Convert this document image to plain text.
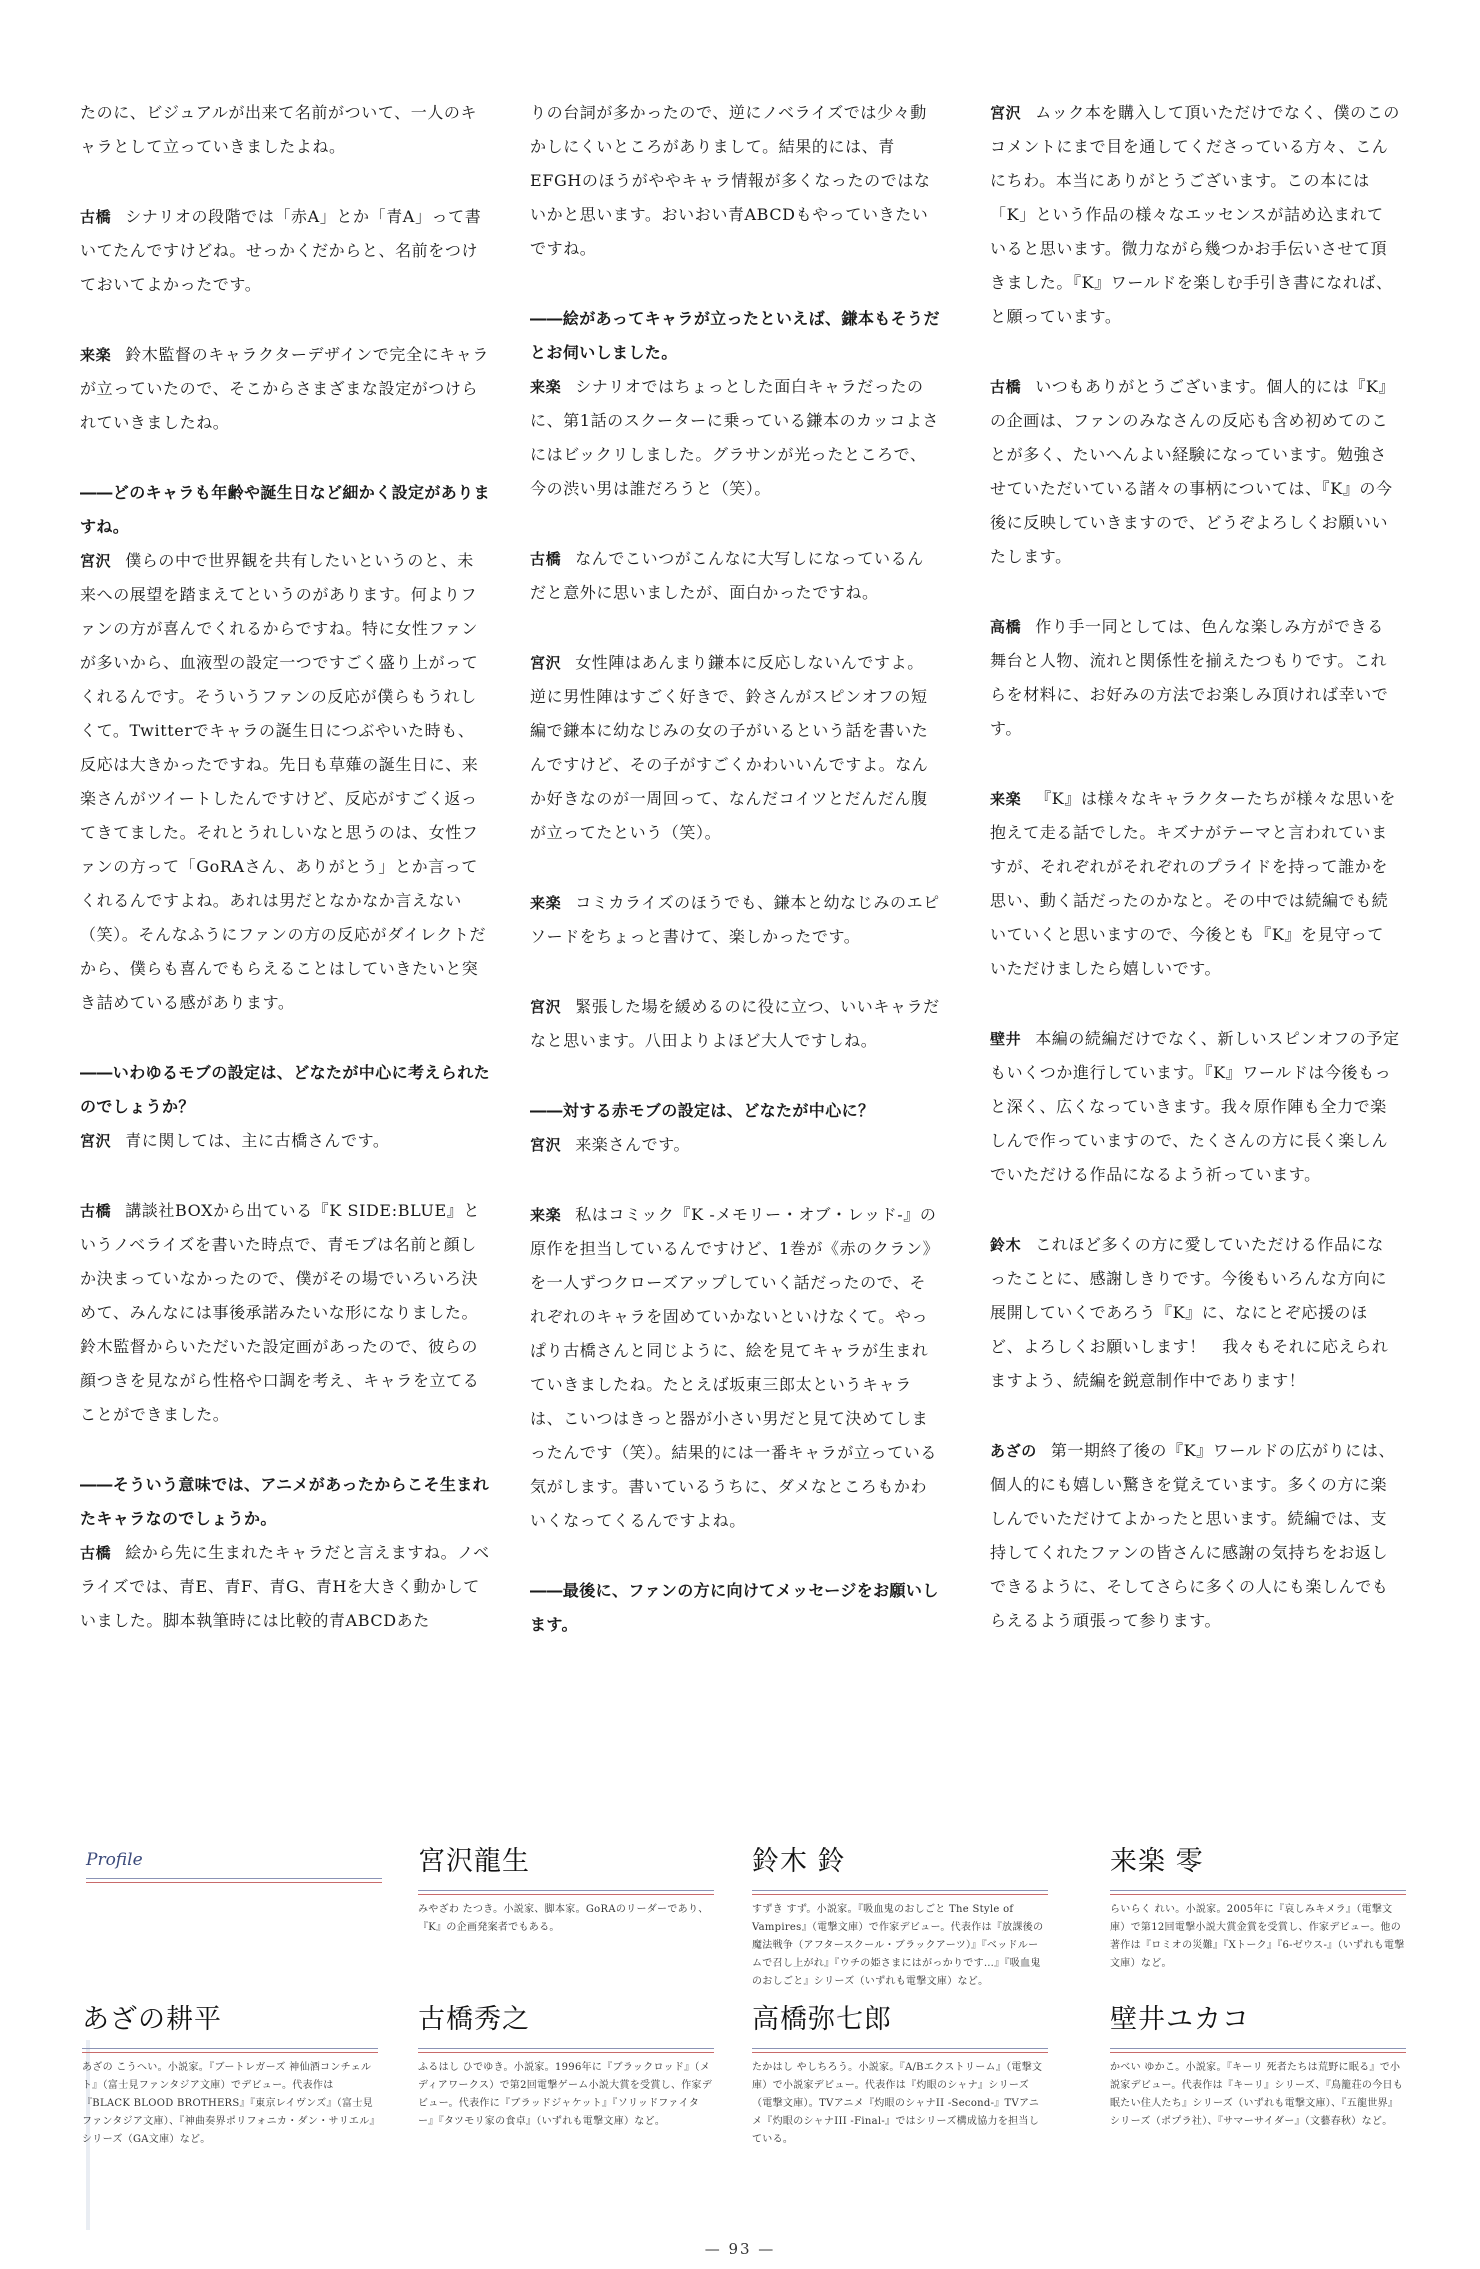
たのに、ビジュアルが出来て名前がついて、一人のキャラとして立っていきましたよね。

古橋 シナリオの段階では「赤A」とか「青A」って書いてたんですけどね。せっかくだからと、名前をつけておいてよかったです。

来楽 鈴木監督のキャラクターデザインで完全にキャラが立っていたので、そこからさまざまな設定がつけられていきましたね。

――どのキャラも年齢や誕生日など細かく設定がありますね。

宮沢 僕らの中で世界観を共有したいというのと、未来への展望を踏まえてというのがあります。何よりファンの方が喜んでくれるからですね。特に女性ファンが多いから、血液型の設定一つですごく盛り上がってくれるんです。そういうファンの反応が僕らもうれしくて。Twitterでキャラの誕生日につぶやいた時も、反応は大きかったですね。先日も草薙の誕生日に、来楽さんがツイートしたんですけど、反応がすごく返ってきてました。それとうれしいなと思うのは、女性ファンの方って「GoRAさん、ありがとう」とか言ってくれるんですよね。あれは男だとなかなか言えない（笑）。そんなふうにファンの方の反応がダイレクトだから、僕らも喜んでもらえることはしていきたいと突き詰めている感があります。

――いわゆるモブの設定は、どなたが中心に考えられたのでしょうか？

宮沢 青に関しては、主に古橋さんです。

古橋 講談社BOXから出ている『K SIDE:BLUE』というノベライズを書いた時点で、青モブは名前と顔しか決まっていなかったので、僕がその場でいろいろ決めて、みんなには事後承諾みたいな形になりました。鈴木監督からいただいた設定画があったので、彼らの顔つきを見ながら性格や口調を考え、キャラを立てることができました。

――そういう意味では、アニメがあったからこそ生まれたキャラなのでしょうか。

古橋 絵から先に生まれたキャラだと言えますね。ノベライズでは、青E、青F、青G、青Hを大きく動かしていました。脚本執筆時には比較的青ABCDあた

りの台詞が多かったので、逆にノベライズでは少々動かしにくいところがありまして。結果的には、青EFGHのほうがややキャラ情報が多くなったのではないかと思います。おいおい青ABCDもやっていきたいですね。

――絵があってキャラが立ったといえば、鎌本もそうだとお伺いしました。

来楽 シナリオではちょっとした面白キャラだったのに、第1話のスクーターに乗っている鎌本のカッコよさにはビックリしました。グラサンが光ったところで、今の渋い男は誰だろうと（笑）。

古橋 なんでこいつがこんなに大写しになっているんだと意外に思いましたが、面白かったですね。

宮沢 女性陣はあんまり鎌本に反応しないんですよ。逆に男性陣はすごく好きで、鈴さんがスピンオフの短編で鎌本に幼なじみの女の子がいるという話を書いたんですけど、その子がすごくかわいいんですよ。なんか好きなのが一周回って、なんだコイツとだんだん腹が立ってたという（笑）。

来楽 コミカライズのほうでも、鎌本と幼なじみのエピソードをちょっと書けて、楽しかったです。

宮沢 緊張した場を緩めるのに役に立つ、いいキャラだなと思います。八田よりよほど大人ですしね。

――対する赤モブの設定は、どなたが中心に？

宮沢 来楽さんです。

来楽 私はコミック『K -メモリー・オブ・レッド-』の原作を担当しているんですけど、1巻が《赤のクラン》を一人ずつクローズアップしていく話だったので、それぞれのキャラを固めていかないといけなくて。やっぱり古橋さんと同じように、絵を見てキャラが生まれていきましたね。たとえば坂東三郎太というキャラは、こいつはきっと器が小さい男だと見て決めてしまったんです（笑）。結果的には一番キャラが立っている気がします。書いているうちに、ダメなところもかわいくなってくるんですよね。

――最後に、ファンの方に向けてメッセージをお願いします。

宮沢 ムック本を購入して頂いただけでなく、僕のこのコメントにまで目を通してくださっている方々、こんにちわ。本当にありがとうございます。この本には「K」という作品の様々なエッセンスが詰め込まれていると思います。微力ながら幾つかお手伝いさせて頂きました。『K』ワールドを楽しむ手引き書になれば、と願っています。

古橋 いつもありがとうございます。個人的には『K』の企画は、ファンのみなさんの反応も含め初めてのことが多く、たいへんよい経験になっています。勉強させていただいている諸々の事柄については、『K』の今後に反映していきますので、どうぞよろしくお願いいたします。

高橋 作り手一同としては、色んな楽しみ方ができる舞台と人物、流れと関係性を揃えたつもりです。これらを材料に、お好みの方法でお楽しみ頂ければ幸いです。

来楽 『K』は様々なキャラクターたちが様々な思いを抱えて走る話でした。キズナがテーマと言われていますが、それぞれがそれぞれのプライドを持って誰かを思い、動く話だったのかなと。その中では続編でも続いていくと思いますので、今後とも『K』を見守っていただけましたら嬉しいです。

壁井 本編の続編だけでなく、新しいスピンオフの予定もいくつか進行しています。『K』ワールドは今後もっと深く、広くなっていきます。我々原作陣も全力で楽しんで作っていますので、たくさんの方に長く楽しんでいただける作品になるよう祈っています。

鈴木 これほど多くの方に愛していただける作品になったことに、感謝しきりです。今後もいろんな方向に展開していくであろう『K』に、なにとぞ応援のほど、よろしくお願いします！　我々もそれに応えられますよう、続編を鋭意制作中であります！

あざの 第一期終了後の『K』ワールドの広がりには、個人的にも嬉しい驚きを覚えています。多くの方に楽しんでいただけてよかったと思います。続編では、支持してくれたファンの皆さんに感謝の気持ちをお返しできるように、そしてさらに多くの人にも楽しんでもらえるよう頑張って参ります。

Profile	宮沢龍生
みやざわ たつき。小説家、脚本家。GoRAのリーダーであり、『K』の企画発案者でもある。
鈴木 鈴
すずき すず。小説家。『吸血鬼のおしごと The Style of Vampires』（電撃文庫）で作家デビュー。代表作は『放課後の魔法戦争（アフタースクール・ブラックアーツ）』『ベッドルームで召し上がれ』『ウチの姫さまにはがっかりです…』『吸血鬼のおしごと』シリーズ（いずれも電撃文庫）など。
来楽 零
らいらく れい。小説家。2005年に『哀しみキメラ』（電撃文庫）で第12回電撃小説大賞金賞を受賞し、作家デビュー。他の著作は『ロミオの災難』『Xトーク』『6-ゼウス-』（いずれも電撃文庫）など。
あざの耕平
あざの こうへい。小説家。『ブートレガーズ 神仙酒コンチェルト』（富士見ファンタジア文庫）でデビュー。代表作は『BLACK BLOOD BROTHERS』『東京レイヴンズ』（富士見ファンタジア文庫）、『神曲奏界ポリフォニカ・ダン・サリエル』シリーズ（GA文庫）など。
古橋秀之
ふるはし ひでゆき。小説家。1996年に『ブラックロッド』（メディアワークス）で第2回電撃ゲーム小説大賞を受賞し、作家デビュー。代表作に『ブラッドジャケット』『ソリッドファイター』『タツモリ家の食卓』（いずれも電撃文庫）など。
高橋弥七郎
たかはし やしちろう。小説家。『A/Bエクストリーム』（電撃文庫）で小説家デビュー。代表作は『灼眼のシャナ』シリーズ（電撃文庫）。TVアニメ『灼眼のシャナII -Second-』TVアニメ『灼眼のシャナIII -Final-』ではシリーズ構成協力を担当している。
壁井ユカコ
かべい ゆかこ。小説家。『キーリ 死者たちは荒野に眠る』で小説家デビュー。代表作は『キーリ』シリーズ、『鳥籠荘の今日も眠たい住人たち』シリーズ（いずれも電撃文庫）、『五龍世界』シリーズ（ポプラ社）、『サマーサイダー』（文藝春秋）など。
— 93 —
